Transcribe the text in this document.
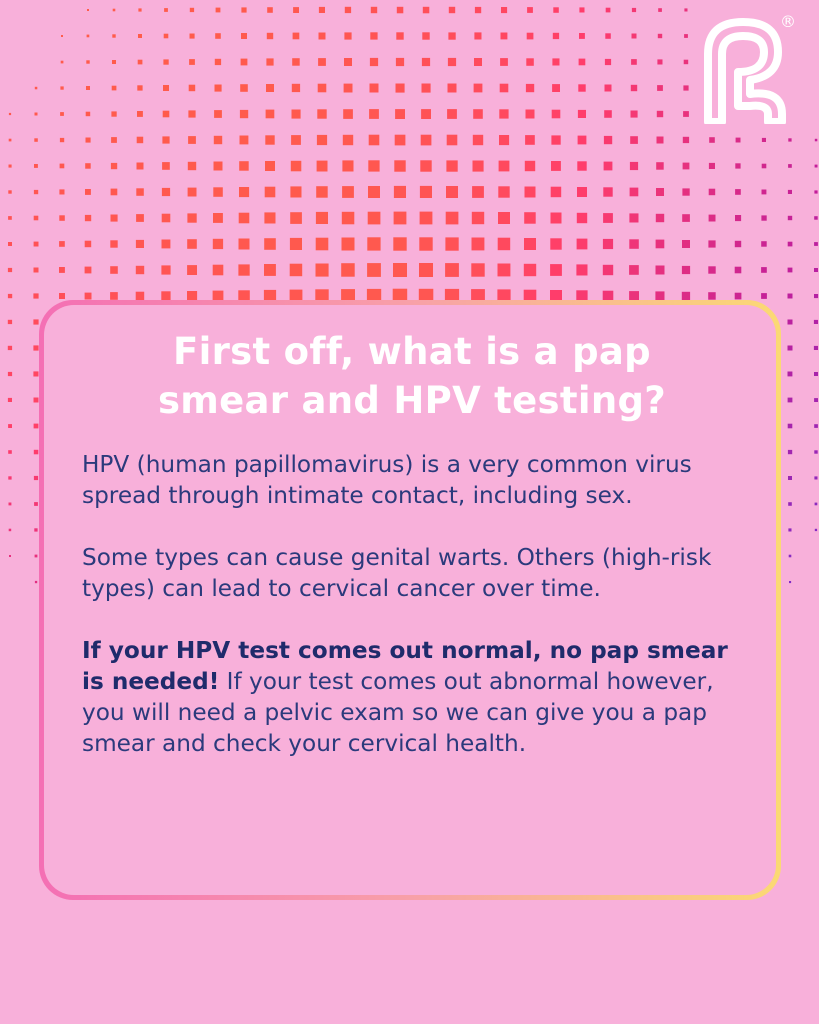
®
First off, what is a pap
smear and HPV testing?

HPV (human papillomavirus) is a very common virus spread through intimate contact, including sex.

Some types can cause genital warts. Others (high-risk types) can lead to cervical cancer over time.

If your HPV test comes out normal, no pap smear is needed! If your test comes out abnormal however, you will need a pelvic exam so we can give you a pap smear and check your cervical health.
